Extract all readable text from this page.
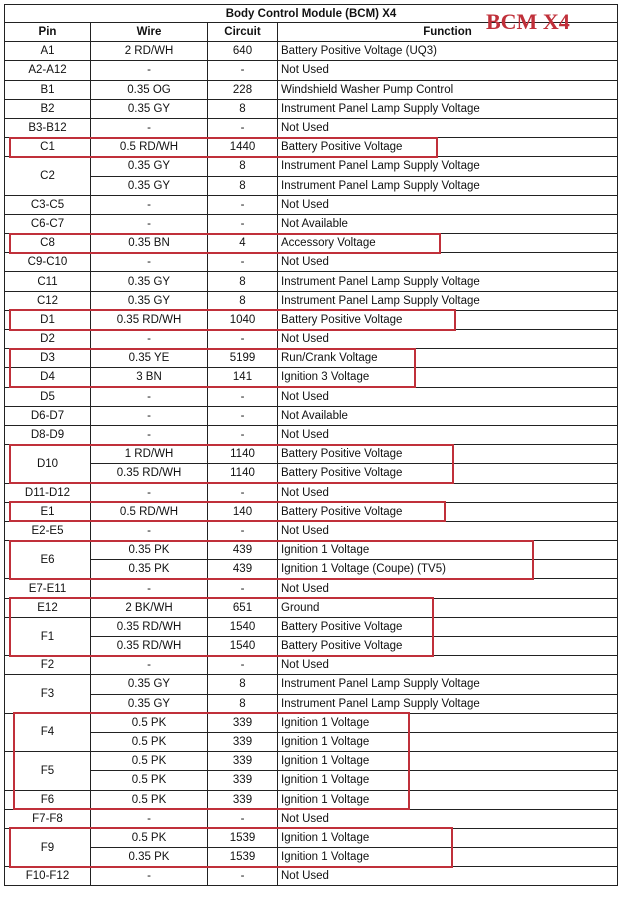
Body Control Module (BCM) X4			
Pin	Wire	Circuit	Function
A1	2 RD/WH	640	Battery Positive Voltage (UQ3)
A2-A12	-	-	Not Used
B1	0.35 OG	228	Windshield Washer Pump Control
B2	0.35 GY	8	Instrument Panel Lamp Supply Voltage
B3-B12	-	-	Not Used
C1	0.5 RD/WH	1440	Battery Positive Voltage
C2	0.35 GY	8	Instrument Panel Lamp Supply Voltage
	0.35 GY	8	Instrument Panel Lamp Supply Voltage
C3-C5	-	-	Not Used
C6-C7	-	-	Not Available
C8	0.35 BN	4	Accessory Voltage
C9-C10	-	-	Not Used
C11	0.35 GY	8	Instrument Panel Lamp Supply Voltage
C12	0.35 GY	8	Instrument Panel Lamp Supply Voltage
D1	0.35 RD/WH	1040	Battery Positive Voltage
D2	-	-	Not Used
D3	0.35 YE	5199	Run/Crank Voltage
D4	3 BN	141	Ignition 3 Voltage
D5	-	-	Not Used
D6-D7	-	-	Not Available
D8-D9	-	-	Not Used
D10	1 RD/WH	1140	Battery Positive Voltage
	0.35 RD/WH	1140	Battery Positive Voltage
D11-D12	-	-	Not Used
E1	0.5 RD/WH	140	Battery Positive Voltage
E2-E5	-	-	Not Used
E6	0.35 PK	439	Ignition 1 Voltage
	0.35 PK	439	Ignition 1 Voltage (Coupe) (TV5)
E7-E11	-	-	Not Used
E12	2 BK/WH	651	Ground
F1	0.35 RD/WH	1540	Battery Positive Voltage
	0.35 RD/WH	1540	Battery Positive Voltage
F2	-	-	Not Used
F3	0.35 GY	8	Instrument Panel Lamp Supply Voltage
	0.35 GY	8	Instrument Panel Lamp Supply Voltage
F4	0.5 PK	339	Ignition 1 Voltage
	0.5 PK	339	Ignition 1 Voltage
F5	0.5 PK	339	Ignition 1 Voltage
	0.5 PK	339	Ignition 1 Voltage
F6	0.5 PK	339	Ignition 1 Voltage
F7-F8	-	-	Not Used
F9	0.5 PK	1539	Ignition 1 Voltage
	0.35 PK	1539	Ignition 1 Voltage
F10-F12	-	-	Not Used
BCM X4
